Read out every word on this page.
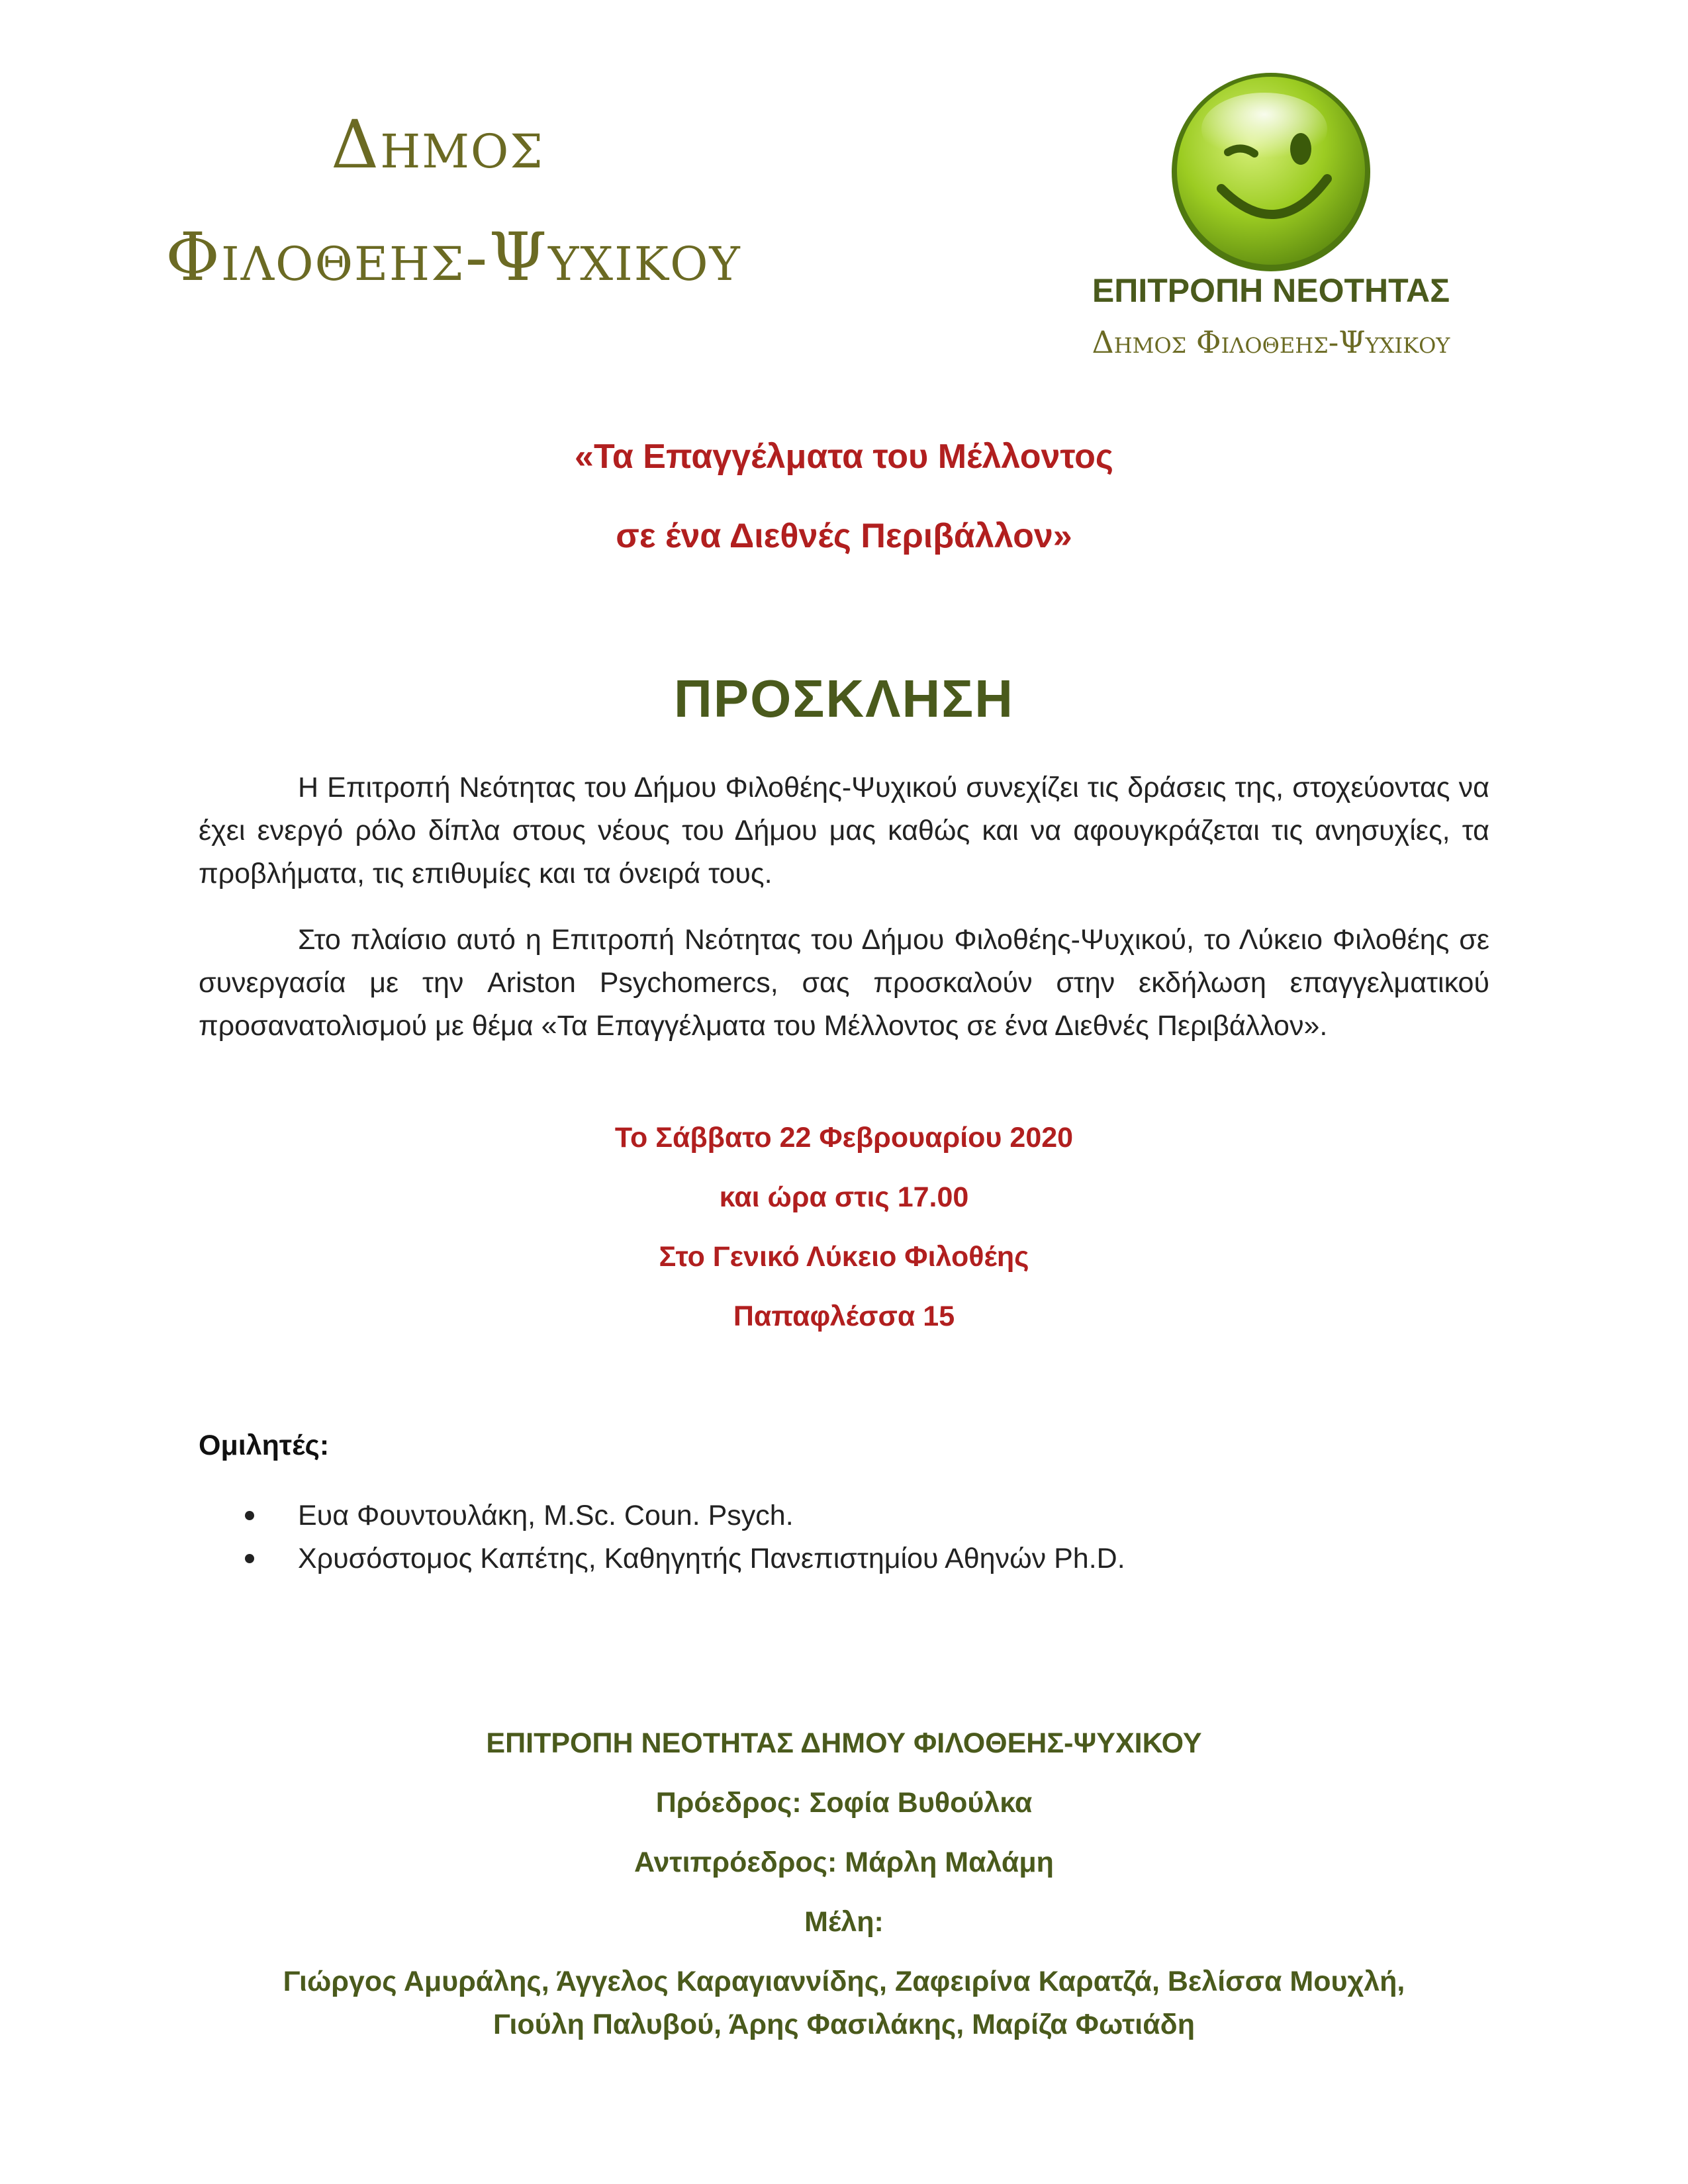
Δημος
Φιλοθεης-Ψυχικου	ΕΠΙΤΡΟΠΗ ΝΕΟΤΗΤΑΣ
Δημος Φιλοθεης-Ψυχικου
«Τα Επαγγέλματα του Μέλλοντος
σε ένα Διεθνές Περιβάλλον»
ΠΡΟΣΚΛΗΣΗ
Η Επιτροπή Νεότητας του Δήμου Φιλοθέης-Ψυχικού συνεχίζει τις δράσεις της, στοχεύοντας να έχει ενεργό ρόλο δίπλα στους νέους του Δήμου μας καθώς και να αφουγκράζεται τις ανησυχίες, τα προβλήματα, τις επιθυμίες και τα όνειρά τους.
Στο πλαίσιο αυτό η Επιτροπή Νεότητας του Δήμου Φιλοθέης-Ψυχικού, το Λύκειο Φιλοθέης σε συνεργασία με την Ariston Psychomercs, σας προσκαλούν στην εκδήλωση επαγγελματικού προσανατολισμού με θέμα «Τα Επαγγέλματα του Μέλλοντος σε ένα Διεθνές Περιβάλλον».
Το Σάββατο 22 Φεβρουαρίου 2020
και ώρα στις 17.00
Στο Γενικό Λύκειο Φιλοθέης
Παπαφλέσσα 15
Ομιλητές:
Ευα Φουντουλάκη, M.Sc. Coun. Psych.
Χρυσόστομος Καπέτης, Καθηγητής Πανεπιστημίου Αθηνών Ph.D.
ΕΠΙΤΡΟΠΗ ΝΕΟΤΗΤΑΣ ΔΗΜΟΥ ΦΙΛΟΘΕΗΣ-ΨΥΧΙΚΟΥ
Πρόεδρος: Σοφία Βυθούλκα
Αντιπρόεδρος: Μάρλη Μαλάμη
Μέλη:
Γιώργος Αμυράλης, Άγγελος Καραγιαννίδης, Ζαφειρίνα Καρατζά, Βελίσσα Μουχλή,
Γιούλη Παλυβού, Άρης Φασιλάκης, Μαρίζα Φωτιάδη
